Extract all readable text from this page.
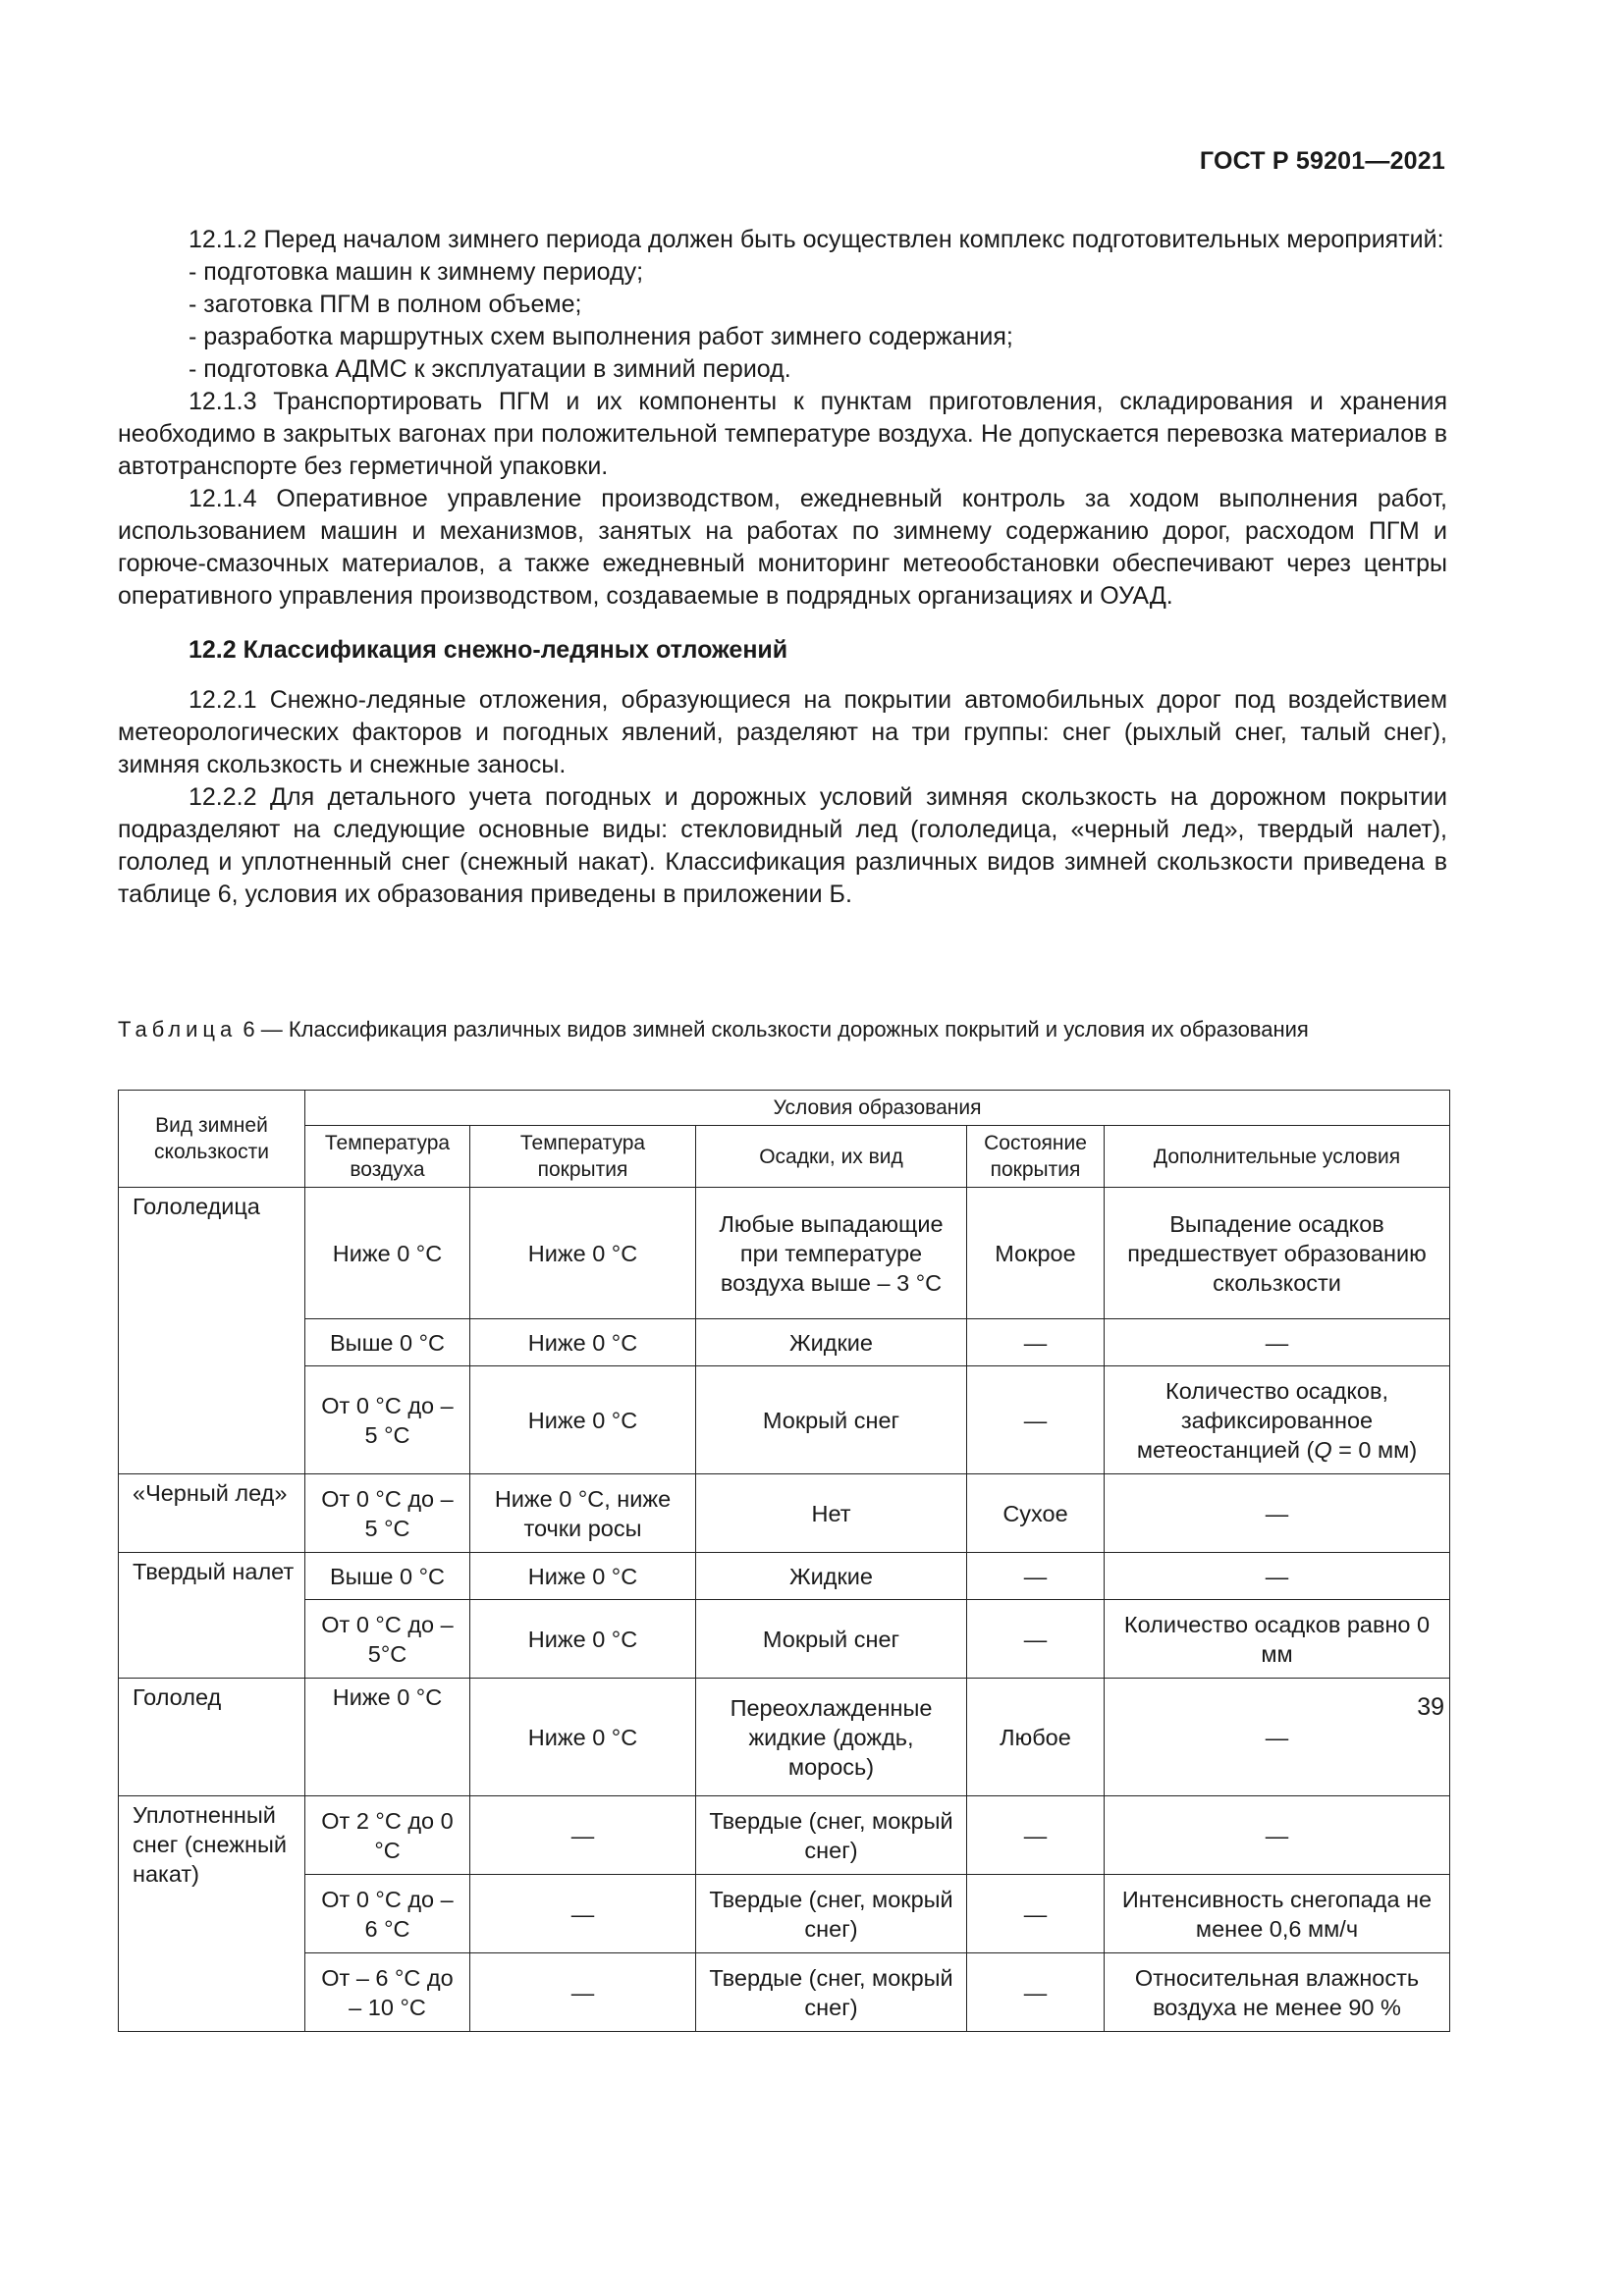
ГОСТ Р 59201—2021

12.1.2 Перед началом зимнего периода должен быть осуществлен комплекс подготовительных мероприятий:

- подготовка машин к зимнему периоду;
- заготовка ПГМ в полном объеме;
- разработка маршрутных схем выполнения работ зимнего содержания;
- подготовка АДМС к эксплуатации в зимний период.

12.1.3 Транспортировать ПГМ и их компоненты к пунктам приготовления, складирования и хранения необходимо в закрытых вагонах при положительной температуре воздуха. Не допускается перевозка материалов в автотранспорте без герметичной упаковки.

12.1.4 Оперативное управление производством, ежедневный контроль за ходом выполнения работ, использованием машин и механизмов, занятых на работах по зимнему содержанию дорог, расходом ПГМ и горюче-смазочных материалов, а также ежедневный мониторинг метеообстановки обеспечивают через центры оперативного управления производством, создаваемые в подрядных организациях и ОУАД.

12.2 Классификация снежно-ледяных отложений

12.2.1 Снежно-ледяные отложения, образующиеся на покрытии автомобильных дорог под воздействием метеорологических факторов и погодных явлений, разделяют на три группы: снег (рыхлый снег, талый снег), зимняя скользкость и снежные заносы.

12.2.2 Для детального учета погодных и дорожных условий зимняя скользкость на дорожном покрытии подразделяют на следующие основные виды: стекловидный лед (гололедица, «черный лед», твердый налет), гололед и уплотненный снег (снежный накат). Классификация различных видов зимней скользкости приведена в таблице 6, условия их образования приведены в приложении Б.

Таблица 6 — Классификация различных видов зимней скользкости дорожных покрытий и условия их образования
Вид зимней скользкости	Условия образования				
	Температура воздуха	Температура покрытия	Осадки, их вид	Состояние покрытия	Дополнительные условия
Гололедица	Ниже 0 °С	Ниже 0 °С	Любые выпадающие при температуре воздуха выше – 3 °С	Мокрое	Выпадение осадков предшествует образованию скользкости
	Выше 0 °С	Ниже 0 °С	Жидкие	—	—
	От 0 °С до – 5 °С	Ниже 0 °С	Мокрый снег	—	Количество осадков, зафиксированное метеостанцией (Q = 0 мм)
«Черный лед»	От 0 °С до – 5 °С	Ниже 0 °С, ниже точки росы	Нет	Сухое	—
Твердый налет	Выше 0 °С	Ниже 0 °С	Жидкие	—	—
	От 0 °С до – 5°С	Ниже 0 °С	Мокрый снег	—	Количество осадков равно 0 мм
Гололед	Ниже 0 °С	Ниже 0 °С	Переохлажденные жидкие (дождь, морось)	Любое	—
Уплотненный снег (снежный накат)	От 2 °С до 0 °С	—	Твердые (снег, мокрый снег)	—	—
	От 0 °С до – 6 °С	—	Твердые (снег, мокрый снег)	—	Интенсивность снегопада не менее 0,6 мм/ч
	От – 6 °С до – 10 °С	—	Твердые (снег, мокрый снег)	—	Относительная влажность воздуха не менее 90 %
39
